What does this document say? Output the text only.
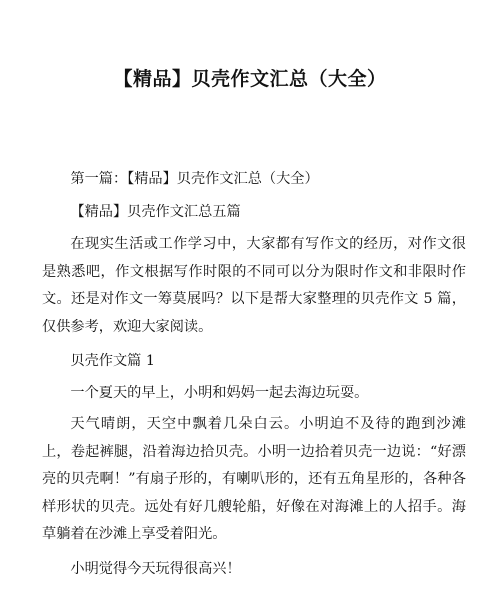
【精品】贝壳作文汇总（大全）

第一篇：【精品】贝壳作文汇总（大全）

【精品】贝壳作文汇总五篇

在现实生活或工作学习中，大家都有写作文的经历，对作文很是熟悉吧，作文根据写作时限的不同可以分为限时作文和非限时作文。还是对作文一筹莫展吗？以下是帮大家整理的贝壳作文 5 篇，仅供参考，欢迎大家阅读。

贝壳作文篇 1

一个夏天的早上，小明和妈妈一起去海边玩耍。

天气晴朗，天空中飘着几朵白云。小明迫不及待的跑到沙滩上，卷起裤腿，沿着海边拾贝壳。小明一边拾着贝壳一边说：“好漂亮的贝壳啊！”有扇子形的，有喇叭形的，还有五角星形的，各种各样形状的贝壳。远处有好几艘轮船，好像在对海滩上的人招手。海草躺着在沙滩上享受着阳光。

小明觉得今天玩得很高兴！
